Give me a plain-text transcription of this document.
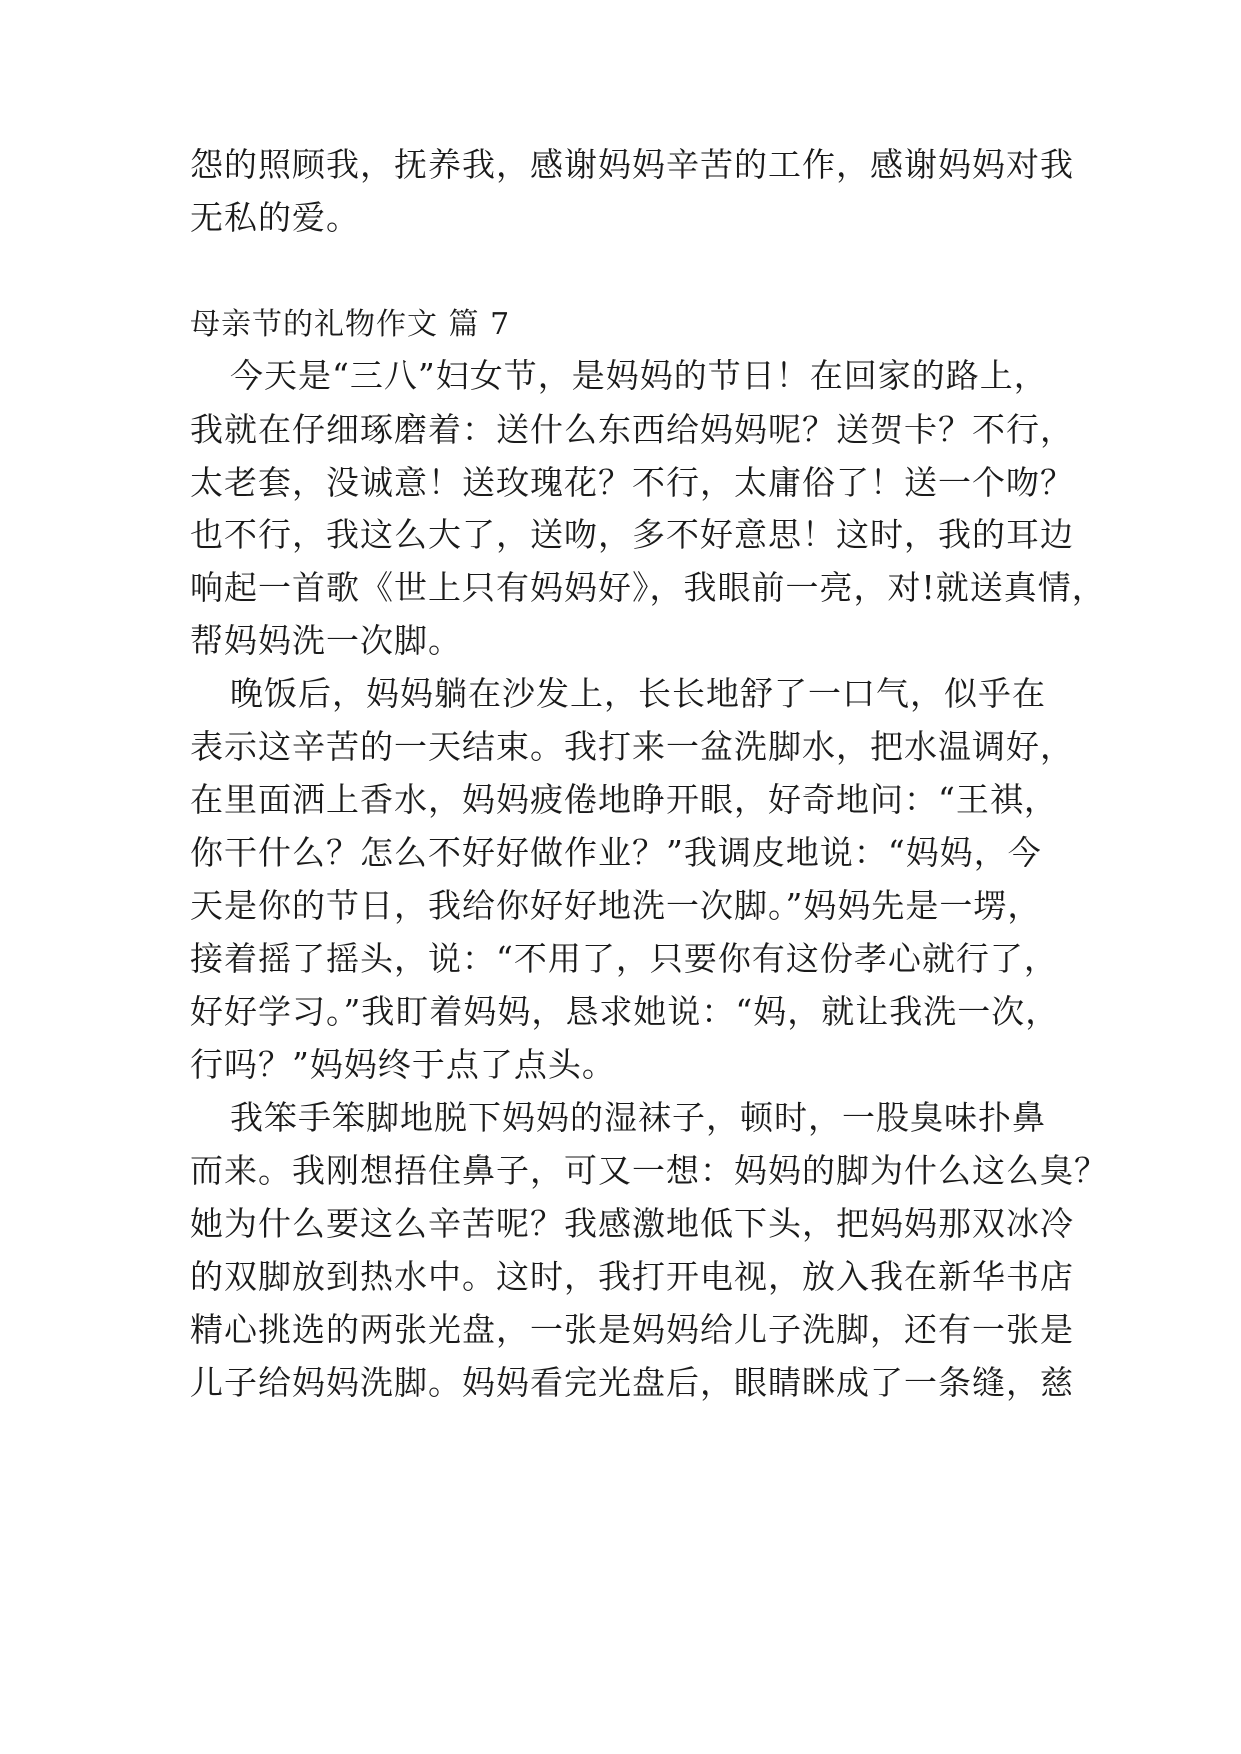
怨的照顾我，抚养我，感谢妈妈辛苦的工作，感谢妈妈对我
无私的爱。
母亲节的礼物作文 篇 7
今天是“三八”妇女节，是妈妈的节日！在回家的路上，
我就在仔细琢磨着：送什么东西给妈妈呢？送贺卡？不行，
太老套，没诚意！送玫瑰花？不行，太庸俗了！送一个吻？
也不行，我这么大了，送吻，多不好意思！这时，我的耳边
响起一首歌《世上只有妈妈好》，我眼前一亮，对!就送真情，
帮妈妈洗一次脚。
晚饭后，妈妈躺在沙发上，长长地舒了一口气，似乎在
表示这辛苦的一天结束。我打来一盆洗脚水，把水温调好，
在里面洒上香水，妈妈疲倦地睁开眼，好奇地问：“王祺，
你干什么？怎么不好好做作业？”我调皮地说：“妈妈，今
天是你的节日，我给你好好地洗一次脚。”妈妈先是一塄，
接着摇了摇头，说：“不用了，只要你有这份孝心就行了，
好好学习。”我盯着妈妈，恳求她说：“妈，就让我洗一次，
行吗？”妈妈终于点了点头。
我笨手笨脚地脱下妈妈的湿袜子，顿时，一股臭味扑鼻
而来。我刚想捂住鼻子，可又一想：妈妈的脚为什么这么臭？
她为什么要这么辛苦呢？我感激地低下头，把妈妈那双冰冷
的双脚放到热水中。这时，我打开电视，放入我在新华书店
精心挑选的两张光盘，一张是妈妈给儿子洗脚，还有一张是
儿子给妈妈洗脚。妈妈看完光盘后，眼睛眯成了一条缝，慈
